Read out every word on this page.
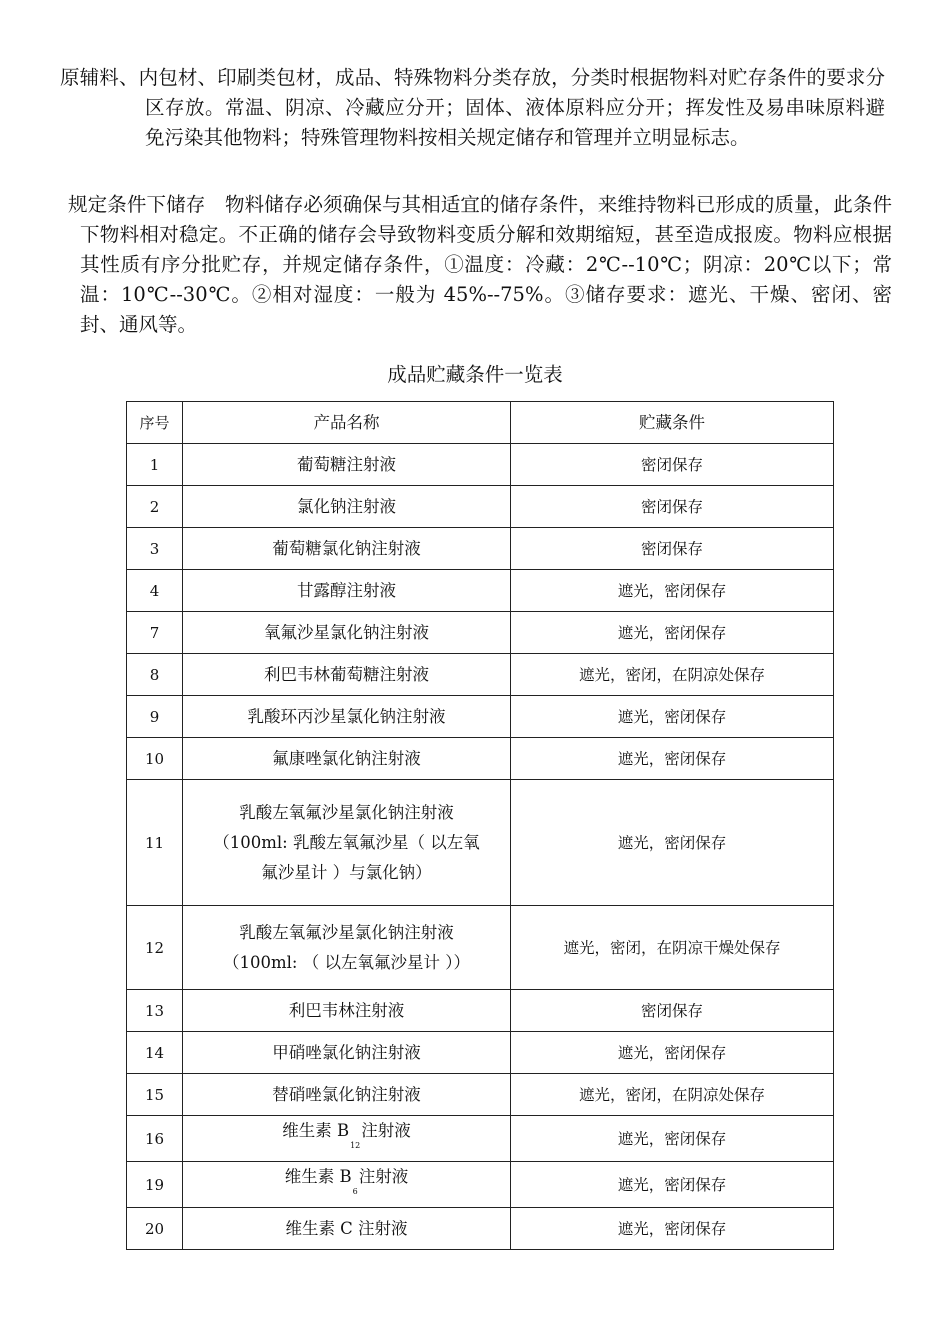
原辅料、内包材、印刷类包材，成品、特殊物料分类存放，分类时根据物料对贮存条件的要求分区存放。常温、阴凉、冷藏应分开；固体、液体原料应分开；挥发性及易串味原料避免污染其他物料；特殊管理物料按相关规定储存和管理并立明显标志。

规定条件下储存　物料储存必须确保与其相适宜的储存条件，来维持物料已形成的质量，此条件下物料相对稳定。不正确的储存会导致物料变质分解和效期缩短，甚至造成报废。物料应根据其性质有序分批贮存，并规定储存条件，①温度：冷藏：2℃--10℃；阴凉：20℃以下；常温：10℃--30℃。②相对湿度：一般为 45%--75%。③储存要求：遮光、干燥、密闭、密封、通风等。

成品贮藏条件一览表
序号	产品名称	贮藏条件
1	葡萄糖注射液	密闭保存
2	氯化钠注射液	密闭保存
3	葡萄糖氯化钠注射液	密闭保存
4	甘露醇注射液	遮光，密闭保存
7	氧氟沙星氯化钠注射液	遮光，密闭保存
8	利巴韦林葡萄糖注射液	遮光，密闭，在阴凉处保存
9	乳酸环丙沙星氯化钠注射液	遮光，密闭保存
10	氟康唑氯化钠注射液	遮光，密闭保存
11	乳酸左氧氟沙星氯化钠注射液
（100ml: 乳酸左氧氟沙星（ 以左氧
氟沙星计 ）与氯化钠）	遮光，密闭保存
12	乳酸左氧氟沙星氯化钠注射液
（100ml: （ 以左氧氟沙星计 ））	遮光，密闭，在阴凉干燥处保存
13	利巴韦林注射液	密闭保存
14	甲硝唑氯化钠注射液	遮光，密闭保存
15	替硝唑氯化钠注射液	遮光，密闭，在阴凉处保存
16	维生素 B12注射液	遮光，密闭保存
19	维生素 B6注射液	遮光，密闭保存
20	维生素 C 注射液	遮光，密闭保存
